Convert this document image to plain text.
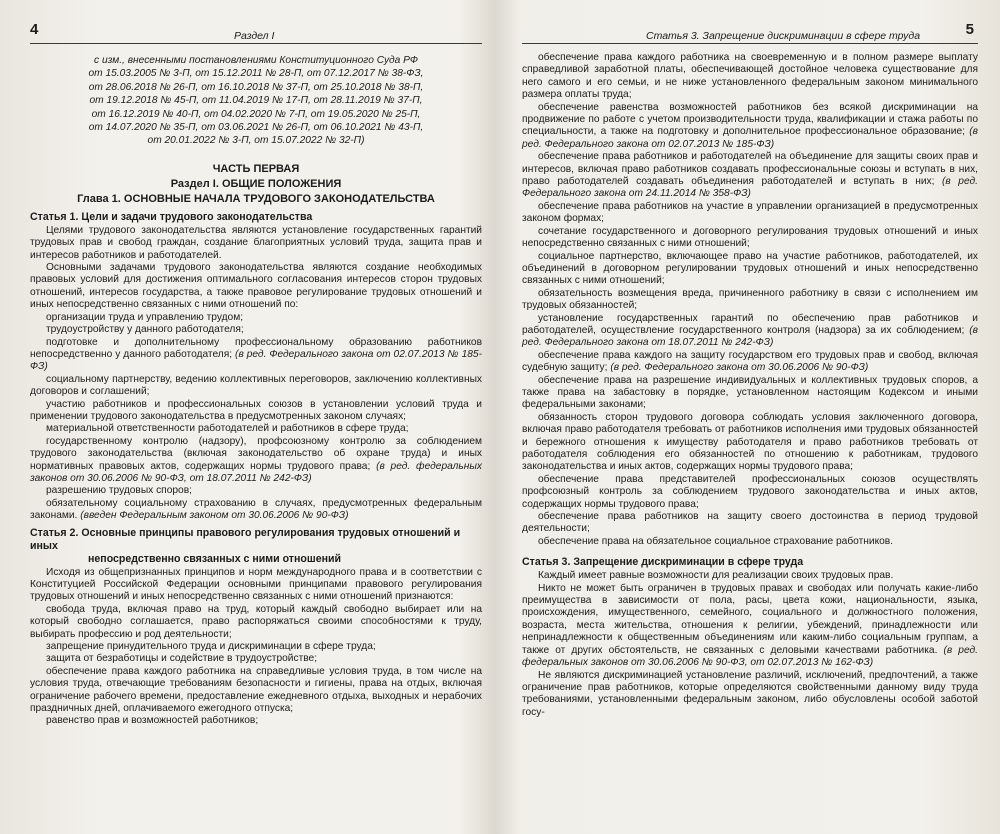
4	Раздел I
с изм., внесенными постановлениями Конституционного Суда РФ
от 15.03.2005 № 3-П, от 15.12.2011 № 28-П, от 07.12.2017 № 38-ФЗ,
от 28.06.2018 № 26-П, от 16.10.2018 № 37-П, от 25.10.2018 № 38-П,
от 19.12.2018 № 45-П, от 11.04.2019 № 17-П, от 28.11.2019 № 37-П,
от 16.12.2019 № 40-П, от 04.02.2020 № 7-П, от 19.05.2020 № 25-П,
от 14.07.2020 № 35-П, от 03.06.2021 № 26-П, от 06.10.2021 № 43-П,
от 20.01.2022 № 3-П, от 15.07.2022 № 32-П)
ЧАСТЬ ПЕРВАЯ
Раздел I. ОБЩИЕ ПОЛОЖЕНИЯ
Глава 1. ОСНОВНЫЕ НАЧАЛА ТРУДОВОГО ЗАКОНОДАТЕЛЬСТВА
Статья 1. Цели и задачи трудового законодательства

Целями трудового законодательства являются установление государственных гарантий трудовых прав и свобод граждан, создание благоприятных условий труда, защита прав и интересов работников и работодателей.

Основными задачами трудового законодательства являются создание необходимых правовых условий для достижения оптимального согласования интересов сторон трудовых отношений, интересов государства, а также правовое регулирование трудовых отношений и иных непосредственно связанных с ними отношений по:

организации труда и управлению трудом;

трудоустройству у данного работодателя;

подготовке и дополнительному профессиональному образованию работников непосредственно у данного работодателя; (в ред. Федерального закона от 02.07.2013 № 185-ФЗ)

социальному партнерству, ведению коллективных переговоров, заключению коллективных договоров и соглашений;

участию работников и профессиональных союзов в установлении условий труда и применении трудового законодательства в предусмотренных законом случаях;

материальной ответственности работодателей и работников в сфере труда;

государственному контролю (надзору), профсоюзному контролю за соблюдением трудового законодательства (включая законодательство об охране труда) и иных нормативных правовых актов, содержащих нормы трудового права; (в ред. федеральных законов от 30.06.2006 № 90-ФЗ, от 18.07.2011 № 242-ФЗ)

разрешению трудовых споров;

обязательному социальному страхованию в случаях, предусмотренных федеральным законами. (введен Федеральным законом от 30.06.2006 № 90-ФЗ)

Статья 2. Основные принципы правового регулирования трудовых отношений и иных
непосредственно связанных с ними отношений

Исходя из общепризнанных принципов и норм международного права и в соответствии с Конституцией Российской Федерации основными принципами правового регулирования трудовых отношений и иных непосредственно связанных с ними отношений признаются:

свобода труда, включая право на труд, который каждый свободно выбирает или на который свободно соглашается, право распоряжаться своими способностями к труду, выбирать профессию и род деятельности;

запрещение принудительного труда и дискриминации в сфере труда;

защита от безработицы и содействие в трудоустройстве;

обеспечение права каждого работника на справедливые условия труда, в том числе на условия труда, отвечающие требованиям безопасности и гигиены, права на отдых, включая ограничение рабочего времени, предоставление ежедневного отдыха, выходных и нерабочих праздничных дней, оплачиваемого ежегодного отпуска;

равенство прав и возможностей работников;

Статья 3. Запрещение дискриминации в сфере труда	5

обеспечение права каждого работника на своевременную и в полном размере выплату справедливой заработной платы, обеспечивающей достойное человека существование для него самого и его семьи, и не ниже установленного федеральным законом минимального размера оплаты труда;

обеспечение равенства возможностей работников без всякой дискриминации на продвижение по работе с учетом производительности труда, квалификации и стажа работы по специальности, а также на подготовку и дополнительное профессиональное образование; (в ред. Федерального закона от 02.07.2013 № 185-ФЗ)

обеспечение права работников и работодателей на объединение для защиты своих прав и интересов, включая право работников создавать профессиональные союзы и вступать в них, право работодателей создавать объединения работодателей и вступать в них; (в ред. Федерального закона от 24.11.2014 № 358-ФЗ)

обеспечение права работников на участие в управлении организацией в предусмотренных законом формах;

сочетание государственного и договорного регулирования трудовых отношений и иных непосредственно связанных с ними отношений;

социальное партнерство, включающее право на участие работников, работодателей, их объединений в договорном регулировании трудовых отношений и иных непосредственно связанных с ними отношений;

обязательность возмещения вреда, причиненного работнику в связи с исполнением им трудовых обязанностей;

установление государственных гарантий по обеспечению прав работников и работодателей, осуществление государственного контроля (надзора) за их соблюдением; (в ред. Федерального закона от 18.07.2011 № 242-ФЗ)

обеспечение права каждого на защиту государством его трудовых прав и свобод, включая судебную защиту; (в ред. Федерального закона от 30.06.2006 № 90-ФЗ)

обеспечение права на разрешение индивидуальных и коллективных трудовых споров, а также права на забастовку в порядке, установленном настоящим Кодексом и иными федеральными законами;

обязанность сторон трудового договора соблюдать условия заключенного договора, включая право работодателя требовать от работников исполнения ими трудовых обязанностей и бережного отношения к имуществу работодателя и право работников требовать от работодателя соблюдения его обязанностей по отношению к работникам, трудового законодательства и иных актов, содержащих нормы трудового права;

обеспечение права представителей профессиональных союзов осуществлять профсоюзный контроль за соблюдением трудового законодательства и иных актов, содержащих нормы трудового права;

обеспечение права работников на защиту своего достоинства в период трудовой деятельности;

обеспечение права на обязательное социальное страхование работников.

Статья 3. Запрещение дискриминации в сфере труда

Каждый имеет равные возможности для реализации своих трудовых прав.

Никто не может быть ограничен в трудовых правах и свободах или получать какие-либо преимущества в зависимости от пола, расы, цвета кожи, национальности, языка, происхождения, имущественного, семейного, социального и должностного положения, возраста, места жительства, отношения к религии, убеждений, принадлежности или непринадлежности к общественным объединениям или каким-либо социальным группам, а также от других обстоятельств, не связанных с деловыми качествами работника. (в ред. федеральных законов от 30.06.2006 № 90-ФЗ, от 02.07.2013 № 162-ФЗ)

Не являются дискриминацией установление различий, исключений, предпочтений, а также ограничение прав работников, которые определяются свойственными данному виду труда требованиями, установленными федеральным законом, либо обусловлены особой заботой госу-
